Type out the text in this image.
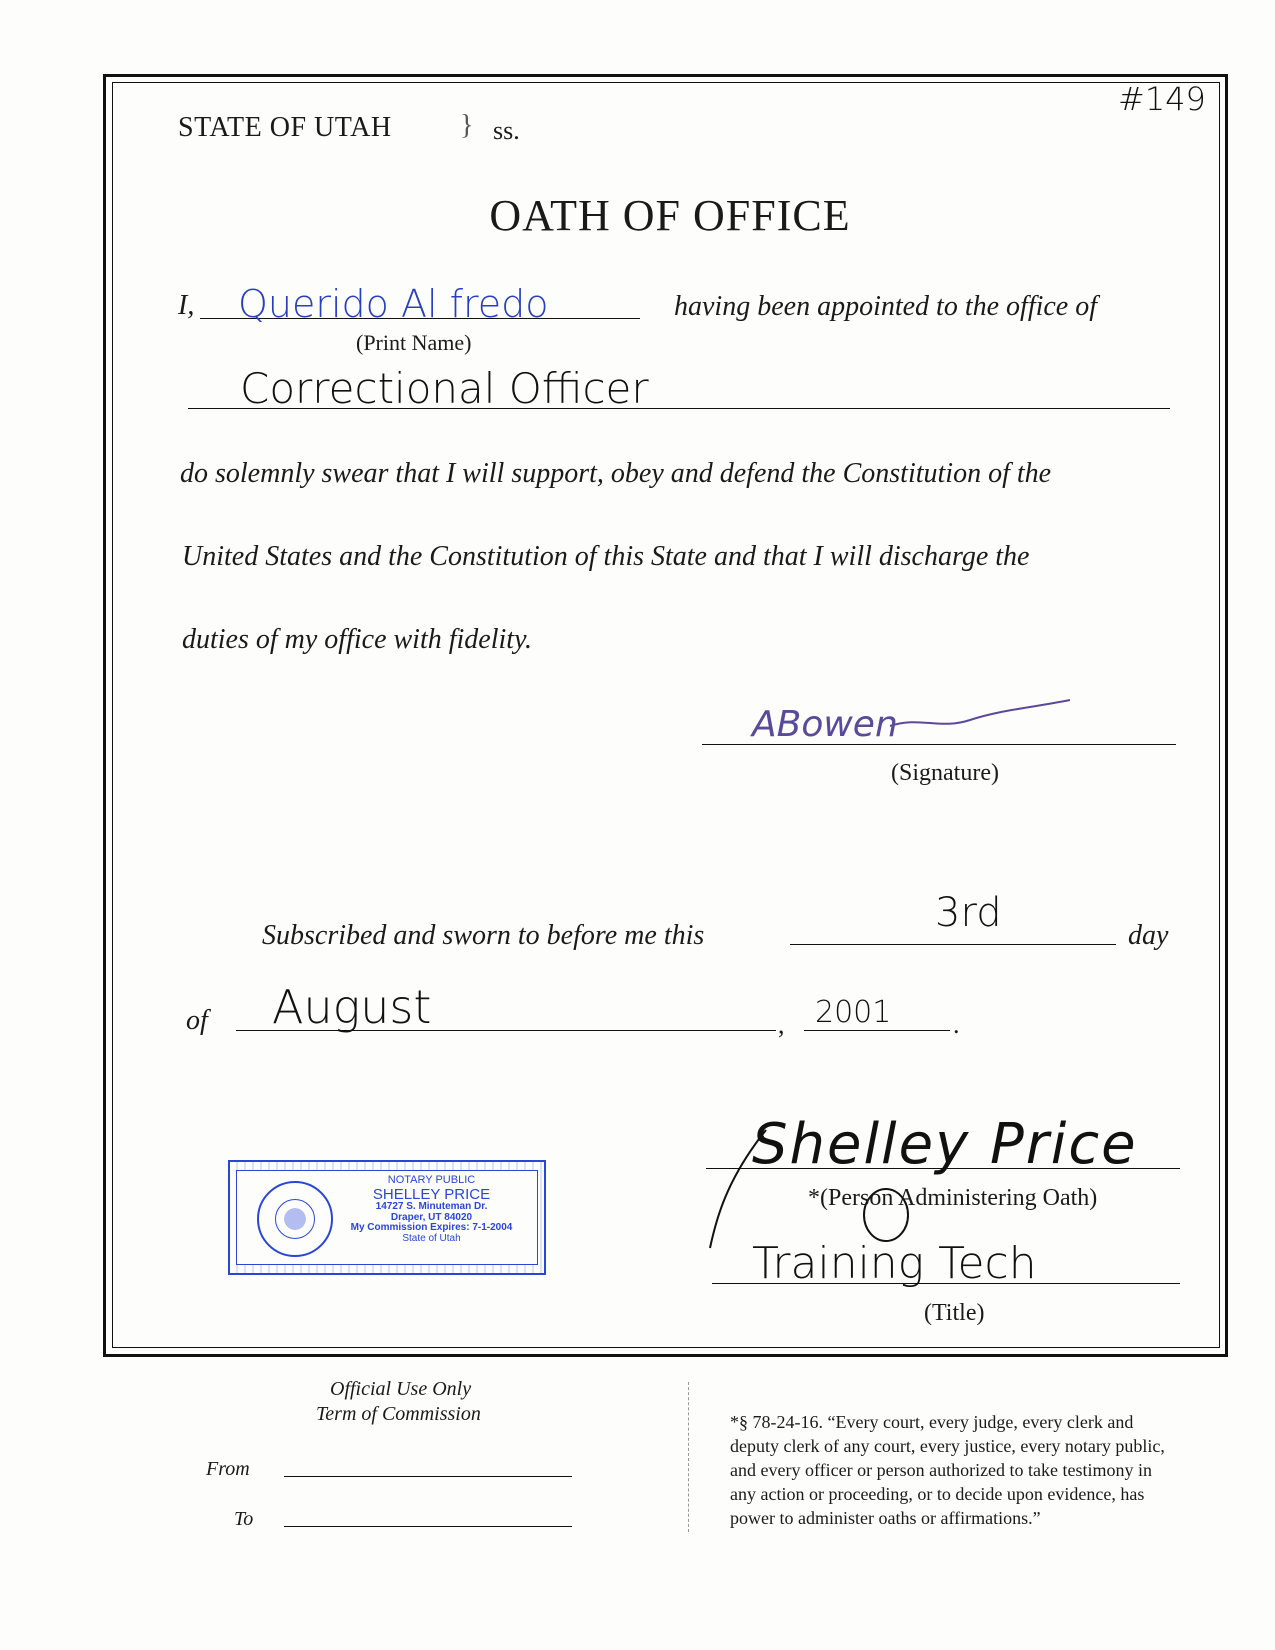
#149
STATE OF UTAH } ss.
OATH OF OFFICE
I, Querido Al fredo
(Print Name)
having been appointed to the office of
Correctional Officer
do solemnly swear that I will support, obey and defend the Constitution of the
United States and the Constitution of this State and that I will discharge the
duties of my office with fidelity.
ABowen
(Signature)
Subscribed and sworn to before me this	3rd	day
of August	, 2001 .
NOTARY PUBLIC
SHELLEY PRICE
14727 S. Minuteman Dr.
Draper, UT 84020
My Commission Expires: 7-1-2004
State of Utah
Shelley Price
*(Person Administering Oath)
Training Tech
(Title)
Official Use Only
Term of Commission
From
To
*§ 78-24-16. “Every court, every judge, every clerk and
deputy clerk of any court, every justice, every notary public,
and every officer or person authorized to take testimony in
any action or proceeding, or to decide upon evidence, has
power to administer oaths or affirmations.”
